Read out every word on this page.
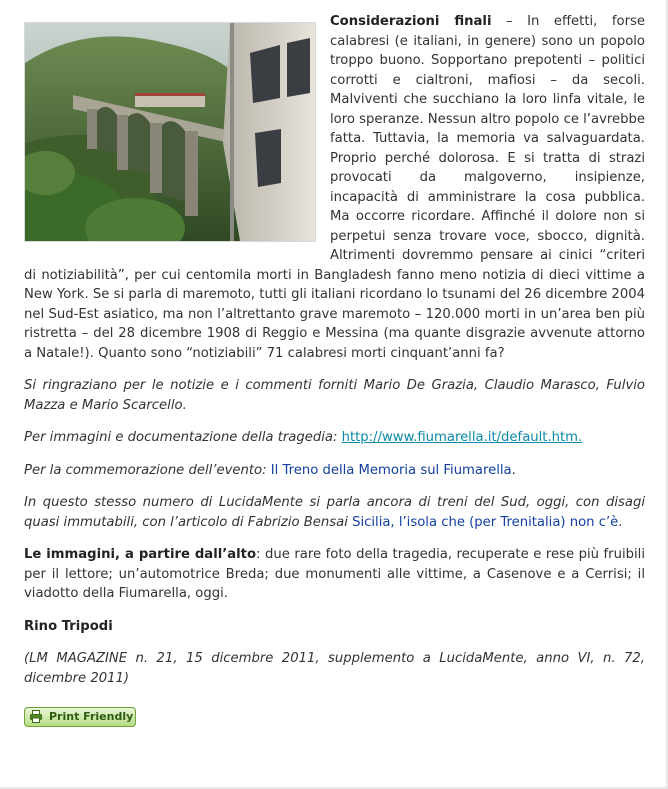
Considerazioni finali – In effetti, forse calabresi (e italiani, in genere) sono un popolo troppo buono. Sopportano prepotenti – politici corrotti e cialtroni, mafiosi – da secoli. Malviventi che succhiano la loro linfa vitale, le loro speranze. Nessun altro popolo ce l’avrebbe fatta. Tuttavia, la memoria va salvaguardata. Proprio perché dolorosa. E si tratta di strazi provocati da malgoverno, insipienze, incapacità di amministrare la cosa pubblica. Ma occorre ricordare. Affinché il dolore non si perpetui senza trovare voce, sbocco, dignità. Altrimenti dovremmo pensare ai cinici “criteri di notiziabilità”, per cui centomila morti in Bangladesh fanno meno notizia di dieci vittime a New York. Se si parla di maremoto, tutti gli italiani ricordano lo tsunami del 26 dicembre 2004 nel Sud-Est asiatico, ma non l’altrettanto grave maremoto – 120.000 morti in un’area ben più ristretta – del 28 dicembre 1908 di Reggio e Messina (ma quante disgrazie avvenute attorno a Natale!). Quanto sono “notiziabili” 71 calabresi morti cinquant’anni fa?

Si ringraziano per le notizie e i commenti forniti Mario De Grazia, Claudio Marasco, Fulvio Mazza e Mario Scarcello.

Per immagini e documentazione della tragedia: http://www.fiumarella.it/default.htm.

Per la commemorazione dell’evento: Il Treno della Memoria sul Fiumarella.

In questo stesso numero di LucidaMente si parla ancora di treni del Sud, oggi, con disagi quasi immutabili, con l’articolo di Fabrizio Bensai Sicilia, l’isola che (per Trenitalia) non c’è.

Le immagini, a partire dall’alto: due rare foto della tragedia, recuperate e rese più fruibili per il lettore; un’automotrice Breda; due monumenti alle vittime, a Casenove e a Cerrisi; il viadotto della Fiumarella, oggi.

Rino Tripodi

(LM MAGAZINE n. 21, 15 dicembre 2011, supplemento a LucidaMente, anno VI, n. 72, dicembre 2011)

Print Friendly
